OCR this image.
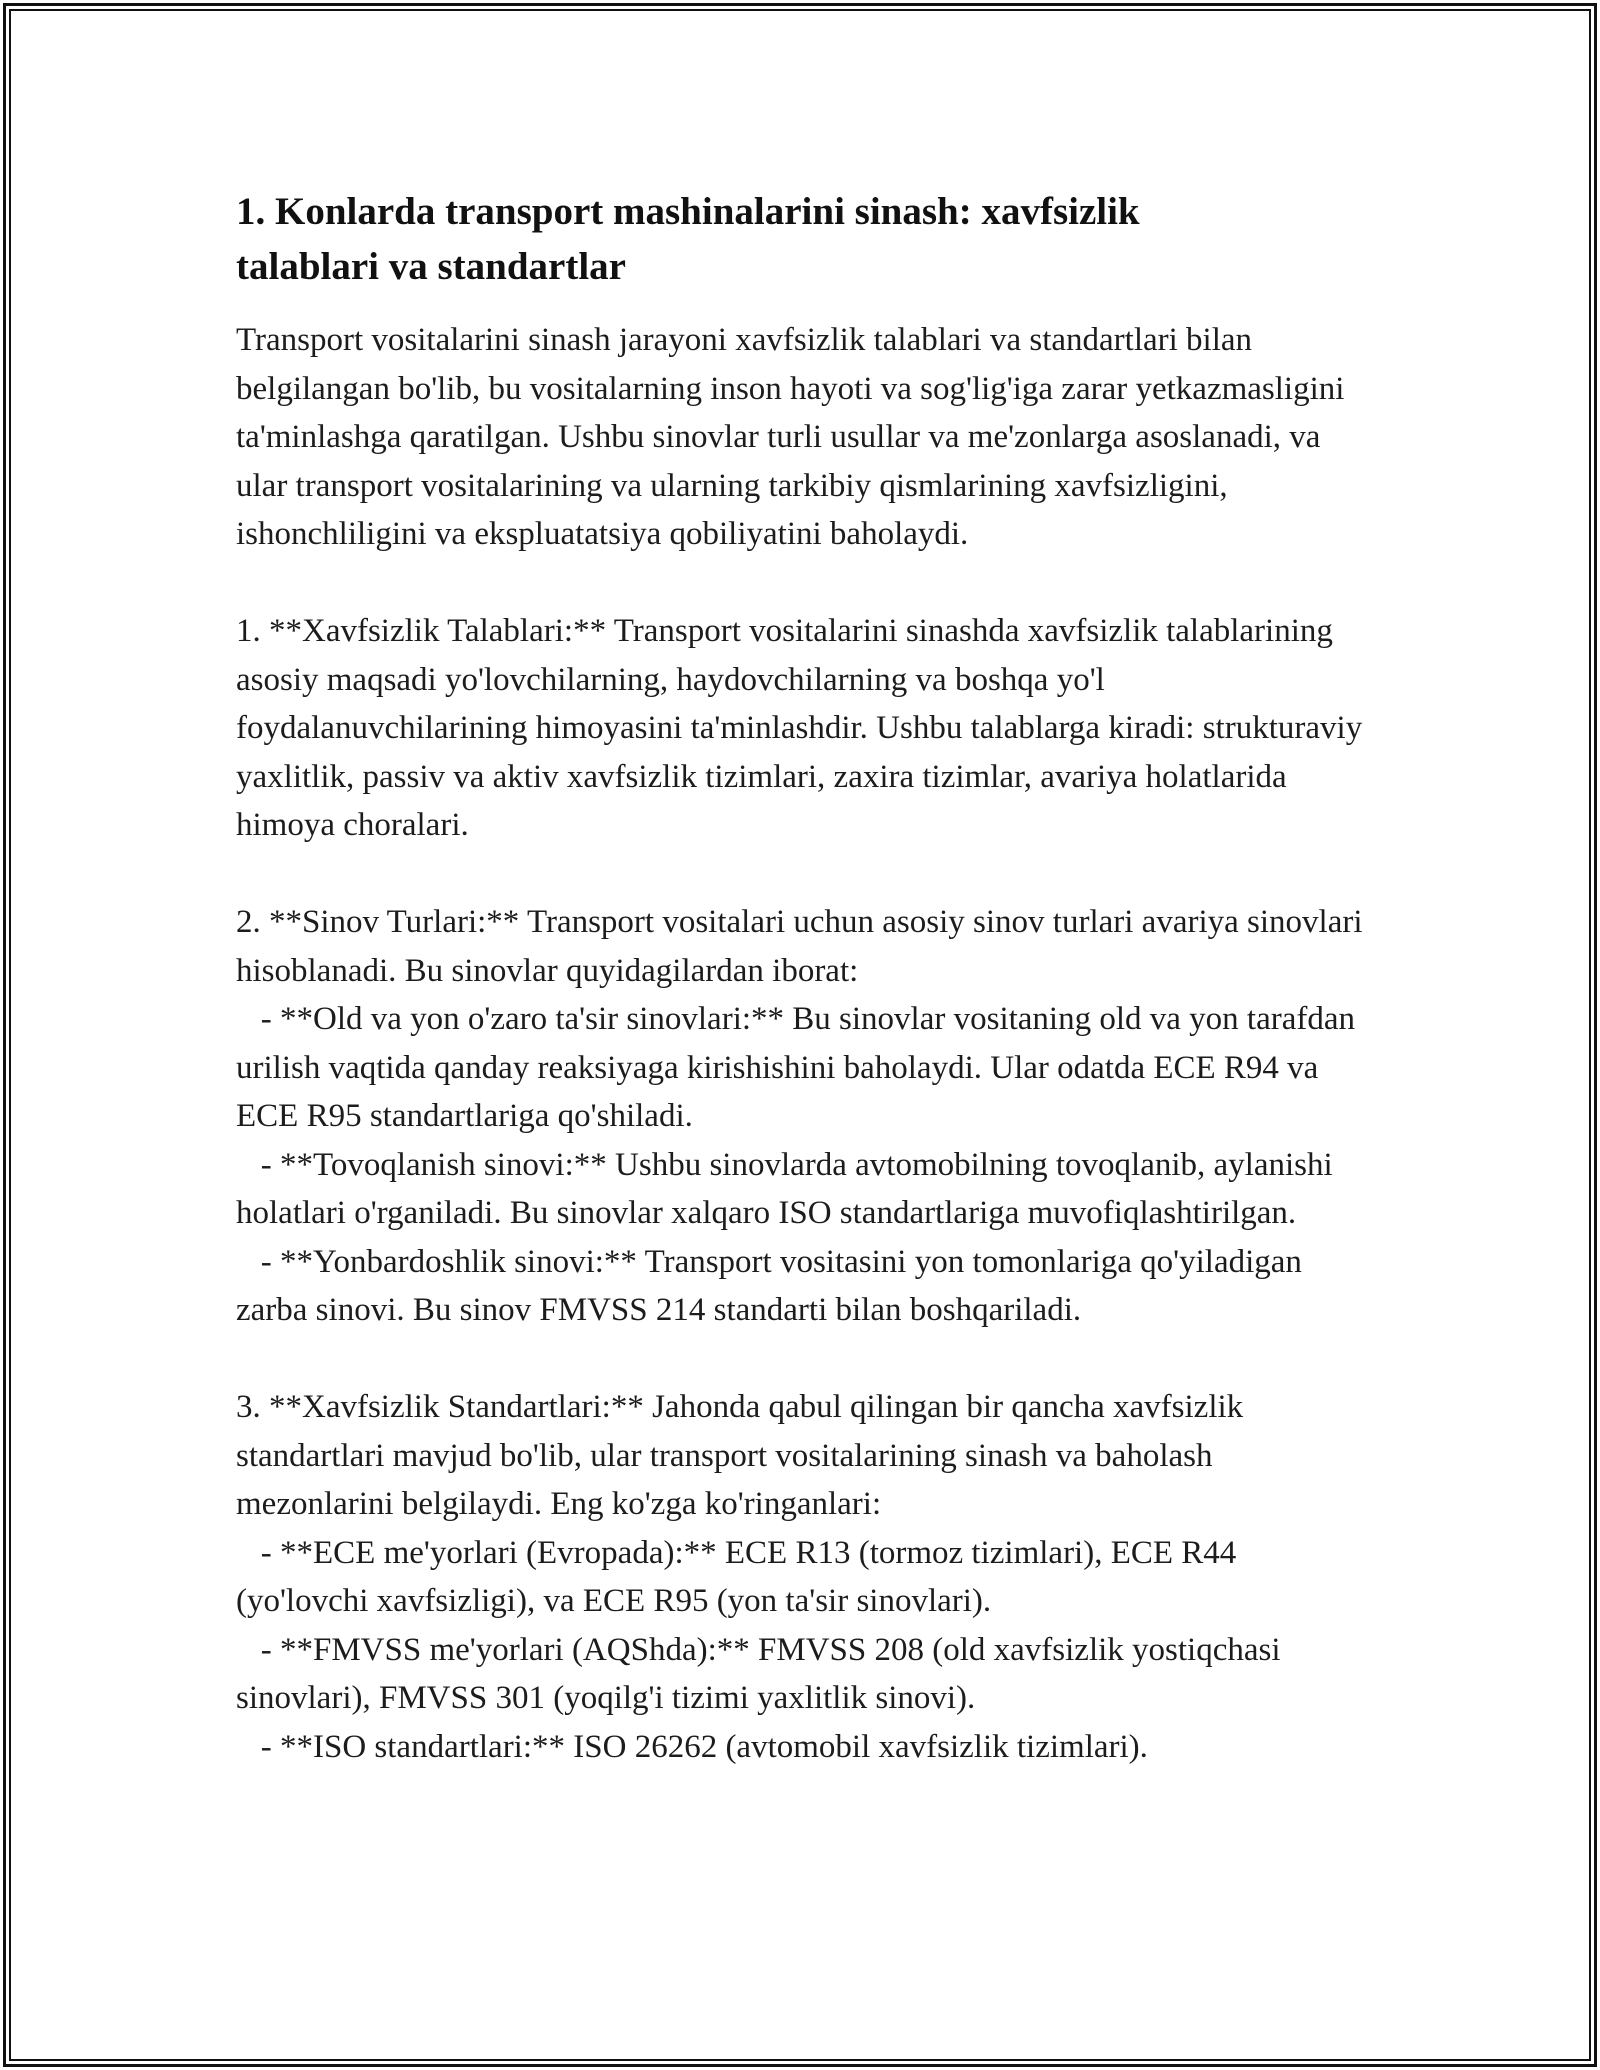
1. Konlarda transport mashinalarini sinash: xavfsizlik talablari va standartlar

Transport vositalarini sinash jarayoni xavfsizlik talablari va standartlari bilan belgilangan bo'lib, bu vositalarning inson hayoti va sog'lig'iga zarar yetkazmasligini ta'minlashga qaratilgan. Ushbu sinovlar turli usullar va me'zonlarga asoslanadi, va ular transport vositalarining va ularning tarkibiy qismlarining xavfsizligini, ishonchliligini va ekspluatatsiya qobiliyatini baholaydi.

1. **Xavfsizlik Talablari:** Transport vositalarini sinashda xavfsizlik talablarining asosiy maqsadi yo'lovchilarning, haydovchilarning va boshqa yo'l foydalanuvchilarining himoyasini ta'minlashdir. Ushbu talablarga kiradi: strukturaviy yaxlitlik, passiv va aktiv xavfsizlik tizimlari, zaxira tizimlar, avariya holatlarida himoya choralari.

2. **Sinov Turlari:** Transport vositalari uchun asosiy sinov turlari avariya sinovlari hisoblanadi. Bu sinovlar quyidagilardan iborat:
- **Old va yon o'zaro ta'sir sinovlari:** Bu sinovlar vositaning old va yon tarafdan urilish vaqtida qanday reaksiyaga kirishishini baholaydi. Ular odatda ECE R94 va ECE R95 standartlariga qo'shiladi.
- **Tovoqlanish sinovi:** Ushbu sinovlarda avtomobilning tovoqlanib, aylanishi holatlari o'rganiladi. Bu sinovlar xalqaro ISO standartlariga muvofiqlashtirilgan.
- **Yonbardoshlik sinovi:** Transport vositasini yon tomonlariga qo'yiladigan zarba sinovi. Bu sinov FMVSS 214 standarti bilan boshqariladi.

3. **Xavfsizlik Standartlari:** Jahonda qabul qilingan bir qancha xavfsizlik standartlari mavjud bo'lib, ular transport vositalarining sinash va baholash mezonlarini belgilaydi. Eng ko'zga ko'ringanlari:
- **ECE me'yorlari (Evropada):** ECE R13 (tormoz tizimlari), ECE R44 (yo'lovchi xavfsizligi), va ECE R95 (yon ta'sir sinovlari).
- **FMVSS me'yorlari (AQShda):** FMVSS 208 (old xavfsizlik yostiqchasi sinovlari), FMVSS 301 (yoqilg'i tizimi yaxlitlik sinovi).
- **ISO standartlari:** ISO 26262 (avtomobil xavfsizlik tizimlari).
